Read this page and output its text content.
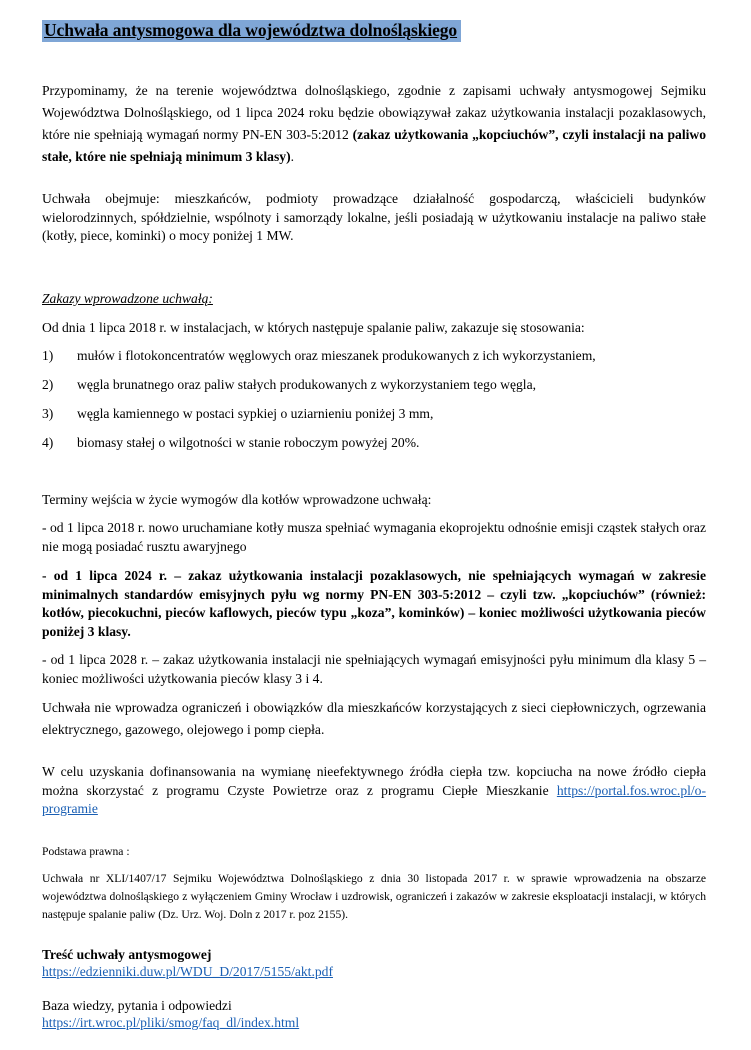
Uchwała antysmogowa dla województwa dolnośląskiego
Przypominamy, że na terenie województwa dolnośląskiego, zgodnie z zapisami uchwały antysmogowej Sejmiku Województwa Dolnośląskiego, od 1 lipca 2024 roku będzie obowiązywał zakaz użytkowania instalacji pozaklasowych, które nie spełniają wymagań normy PN-EN 303-5:2012 (zakaz użytkowania „kopciuchów”, czyli instalacji na paliwo stałe, które nie spełniają minimum 3 klasy).
Uchwała obejmuje: mieszkańców, podmioty prowadzące działalność gospodarczą, właścicieli budynków wielorodzinnych, spółdzielnie, wspólnoty i samorządy lokalne, jeśli posiadają w użytkowaniu instalacje na paliwo stałe (kotły, piece, kominki) o mocy poniżej 1 MW.
Zakazy wprowadzone uchwałą:
Od dnia 1 lipca 2018 r. w instalacjach, w których następuje spalanie paliw, zakazuje się stosowania:
1) mułów i flotokoncentratów węglowych oraz mieszanek produkowanych z ich wykorzystaniem,
2) węgla brunatnego oraz paliw stałych produkowanych z wykorzystaniem tego węgla,
3) węgla kamiennego w postaci sypkiej o uziarnieniu poniżej 3 mm,
4) biomasy stałej o wilgotności w stanie roboczym powyżej 20%.
Terminy wejścia w życie wymogów dla kotłów wprowadzone uchwałą:
- od 1 lipca 2018 r. nowo uruchamiane kotły musza spełniać wymagania ekoprojektu odnośnie emisji cząstek stałych oraz nie mogą posiadać rusztu awaryjnego
- od 1 lipca 2024 r. – zakaz użytkowania instalacji pozaklasowych, nie spełniających wymagań w zakresie minimalnych standardów emisyjnych pyłu wg normy PN-EN 303-5:2012 – czyli tzw. „kopciuchów” (również: kotłów, piecokuchni, pieców kaflowych, pieców typu „koza”, kominków) – koniec możliwości użytkowania pieców poniżej 3 klasy.
- od 1 lipca 2028 r. – zakaz użytkowania instalacji nie spełniających wymagań emisyjności pyłu minimum dla klasy 5 – koniec możliwości użytkowania pieców klasy 3 i 4.
Uchwała nie wprowadza ograniczeń i obowiązków dla mieszkańców korzystających z sieci ciepłowniczych, ogrzewania elektrycznego, gazowego, olejowego i pomp ciepła.
W celu uzyskania dofinansowania na wymianę nieefektywnego źródła ciepła tzw. kopciucha na nowe źródło ciepła można skorzystać z programu Czyste Powietrze oraz z programu Ciepłe Mieszkanie https://portal.fos.wroc.pl/o-programie
Podstawa prawna :
Uchwała nr XLI/1407/17 Sejmiku Województwa Dolnośląskiego z dnia 30 listopada 2017 r. w sprawie wprowadzenia na obszarze województwa dolnośląskiego z wyłączeniem Gminy Wrocław i uzdrowisk, ograniczeń i zakazów w zakresie eksploatacji instalacji, w których następuje spalanie paliw (Dz. Urz. Woj. Doln z 2017 r. poz 2155).
Treść uchwały antysmogowej
https://edzienniki.duw.pl/WDU_D/2017/5155/akt.pdf
Baza wiedzy, pytania i odpowiedzi
https://irt.wroc.pl/pliki/smog/faq_dl/index.html
